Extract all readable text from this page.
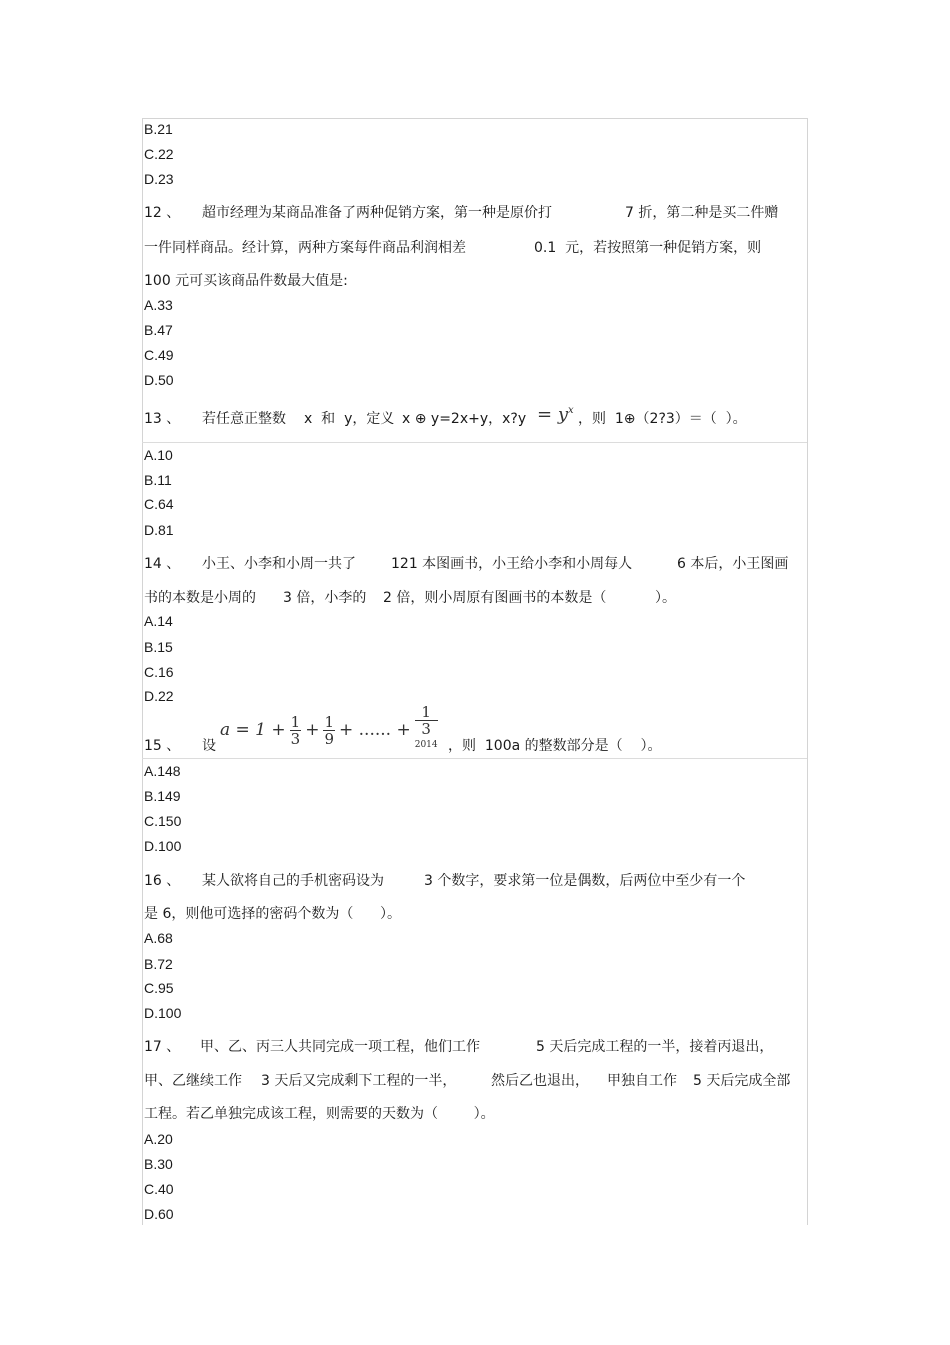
B.21
C.22
D.23
12 、 超市经理为某商品准备了两种促销方案，第一种是原价打	7 折，第二种是买二件赠
一件同样商品。经计算，两种方案每件商品利润相差	0.1  元，若按照第一种促销方案，则
100 元可买该商品件数最大值是:
A.33
B.47
C.49
D.50
13 、 若任意正整数 x  和  y，定义 x ⊕ y=2x+y，x?y = $y^x$
，则  1⊕（2?3）＝（  ）。
A.10
B.11
C.64
D.81
14 、 小王、小李和小周一共了	121 本图画书，小王给小李和小周每人	6 本后，小王图画
书的本数是小周的 3 倍，小李的 2 倍，则小周原有图画书的本数是（	）。
A.14
B.15
C.16
D.22
15 、 设
$a = 1 + \frac{1}{3} + \frac{1}{9}$ + ...... + 1
3
$^{2014}$ ，则  100a 的整数部分是（    ）。
A.148
B.149
C.150
D.100
16 、 某人欲将自己的手机密码设为	3 个数字，要求第一位是偶数，后两位中至少有一个
是 6，则他可选择的密码个数为（      ）。
A.68
B.72
C.95
D.100
17 、 甲、乙、丙三人共同完成一项工程，他们工作	5 天后完成工程的一半，接着丙退出，
甲、乙继续工作 3 天后又完成剩下工程的一半， 然后乙也退出， 甲独自工作 5 天后完成全部
工程。若乙单独完成该工程，则需要的天数为（        ）。
A.20
B.30
C.40
D.60
